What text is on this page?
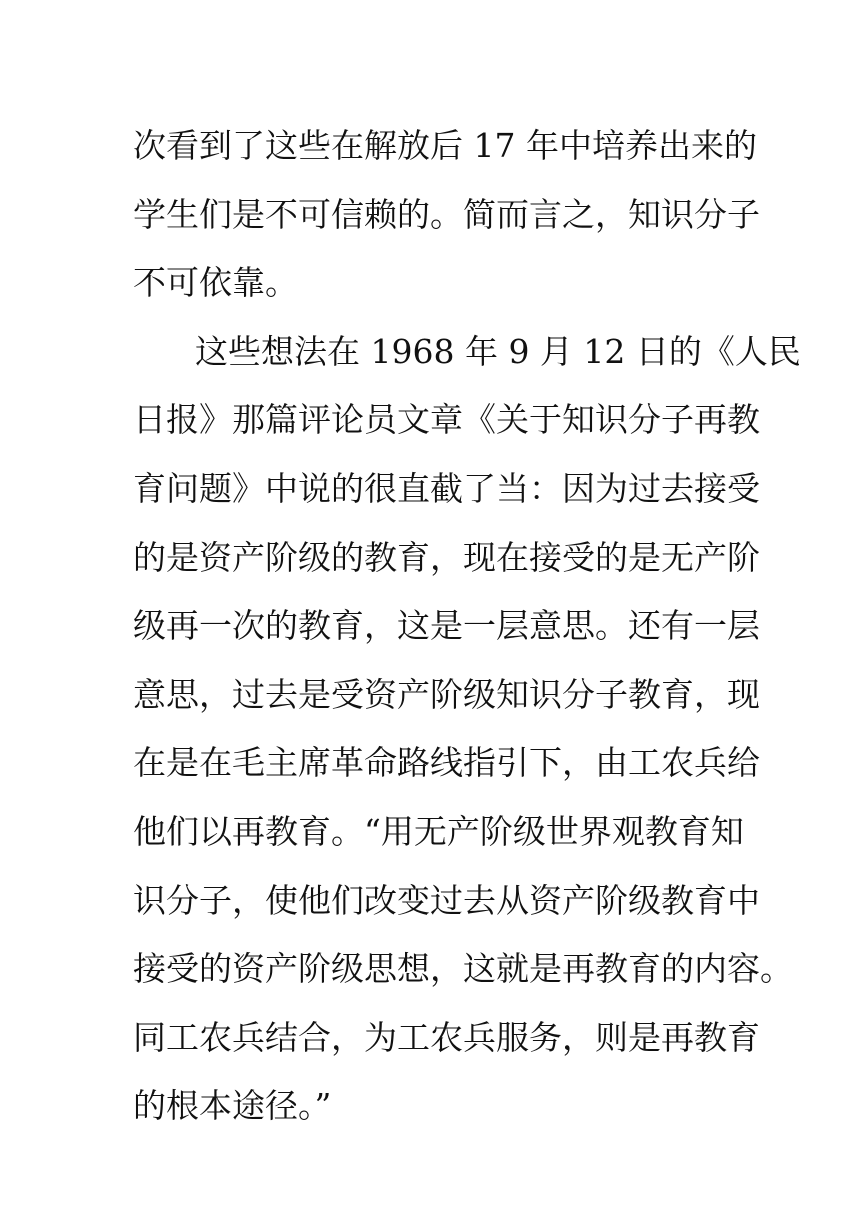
次看到了这些在解放后 17 年中培养出来的
学生们是不可信赖的。简而言之，知识分子
不可依靠。
这些想法在 1968 年 9 月 12 日的《人民
日报》那篇评论员文章《关于知识分子再教
育问题》中说的很直截了当：因为过去接受
的是资产阶级的教育，现在接受的是无产阶
级再一次的教育，这是一层意思。还有一层
意思，过去是受资产阶级知识分子教育，现
在是在毛主席革命路线指引下，由工农兵给
他们以再教育。“用无产阶级世界观教育知
识分子，使他们改变过去从资产阶级教育中
接受的资产阶级思想，这就是再教育的内容。
同工农兵结合，为工农兵服务，则是再教育
的根本途径。”
